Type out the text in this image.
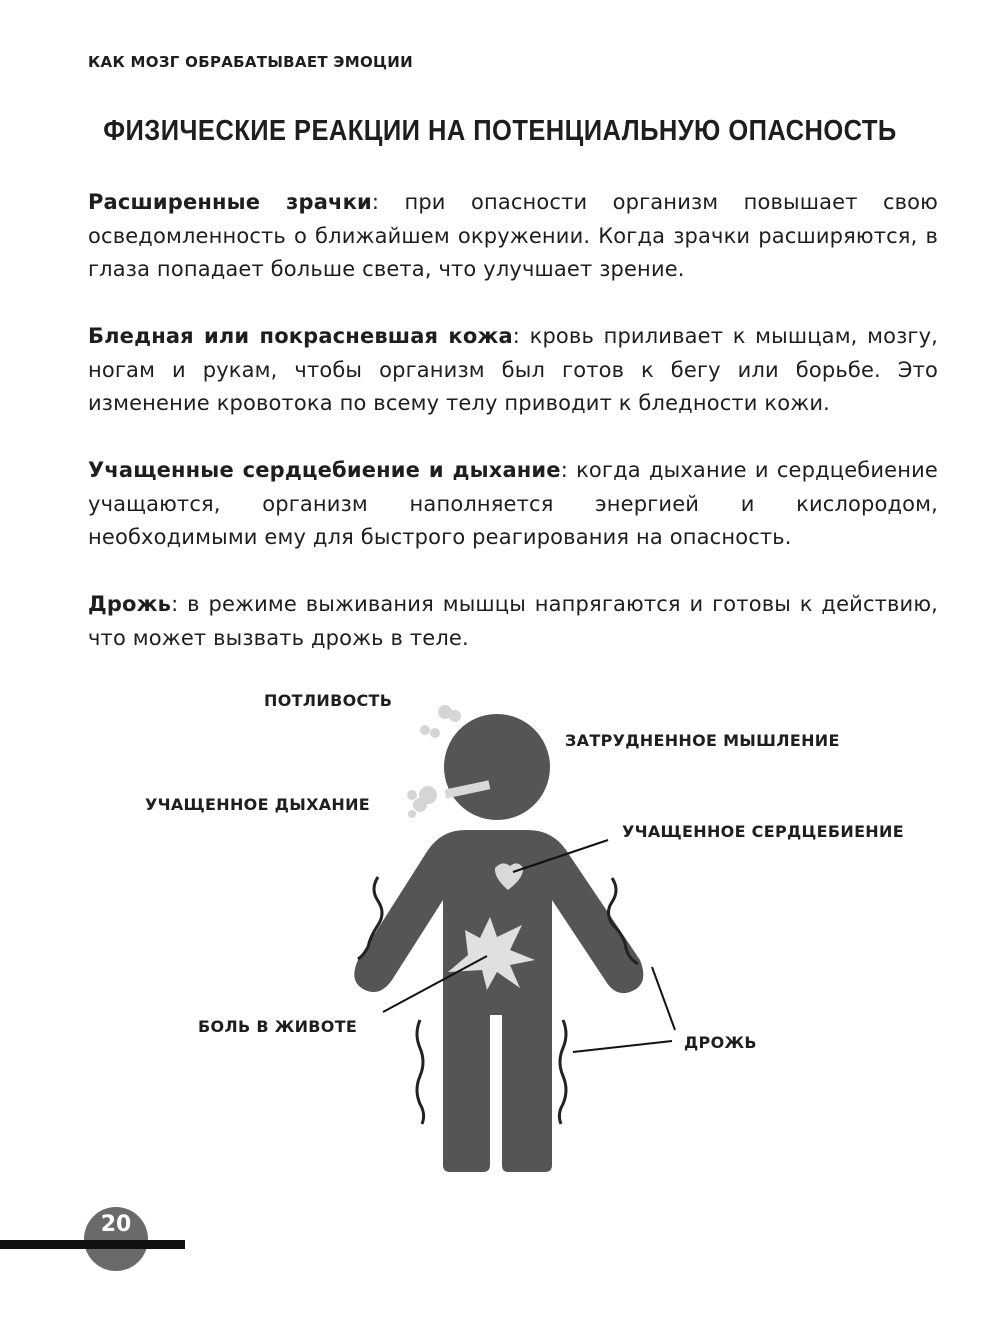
КАК МОЗГ ОБРАБАТЫВАЕТ ЭМОЦИИ
ФИЗИЧЕСКИЕ РЕАКЦИИ НА ПОТЕНЦИАЛЬНУЮ ОПАСНОСТЬ
Расширенные зрачки: при опасности организм повышает свою осведомленность о ближайшем окружении. Когда зрачки расширяются, в глаза попадает больше света, что улучшает зрение.
Бледная или покрасневшая кожа: кровь приливает к мышцам, мозгу, ногам и рукам, чтобы организм был готов к бегу или борьбе. Это изменение кровотока по всему телу приводит к бледности кожи.
Учащенные сердцебиение и дыхание: когда дыхание и сердцебиение учащаются, организм наполняется энергией и кислородом, необходимыми ему для быстрого реагирования на опасность.
Дрожь: в режиме выживания мышцы напрягаются и готовы к действию, что может вызвать дрожь в теле.
ПОТЛИВОСТЬ
ЗАТРУДНЕННОЕ МЫШЛЕНИЕ
УЧАЩЕННОЕ ДЫХАНИЕ
УЧАЩЕННОЕ СЕРДЦЕБИЕНИЕ
БОЛЬ В ЖИВОТЕ
ДРОЖЬ
20
